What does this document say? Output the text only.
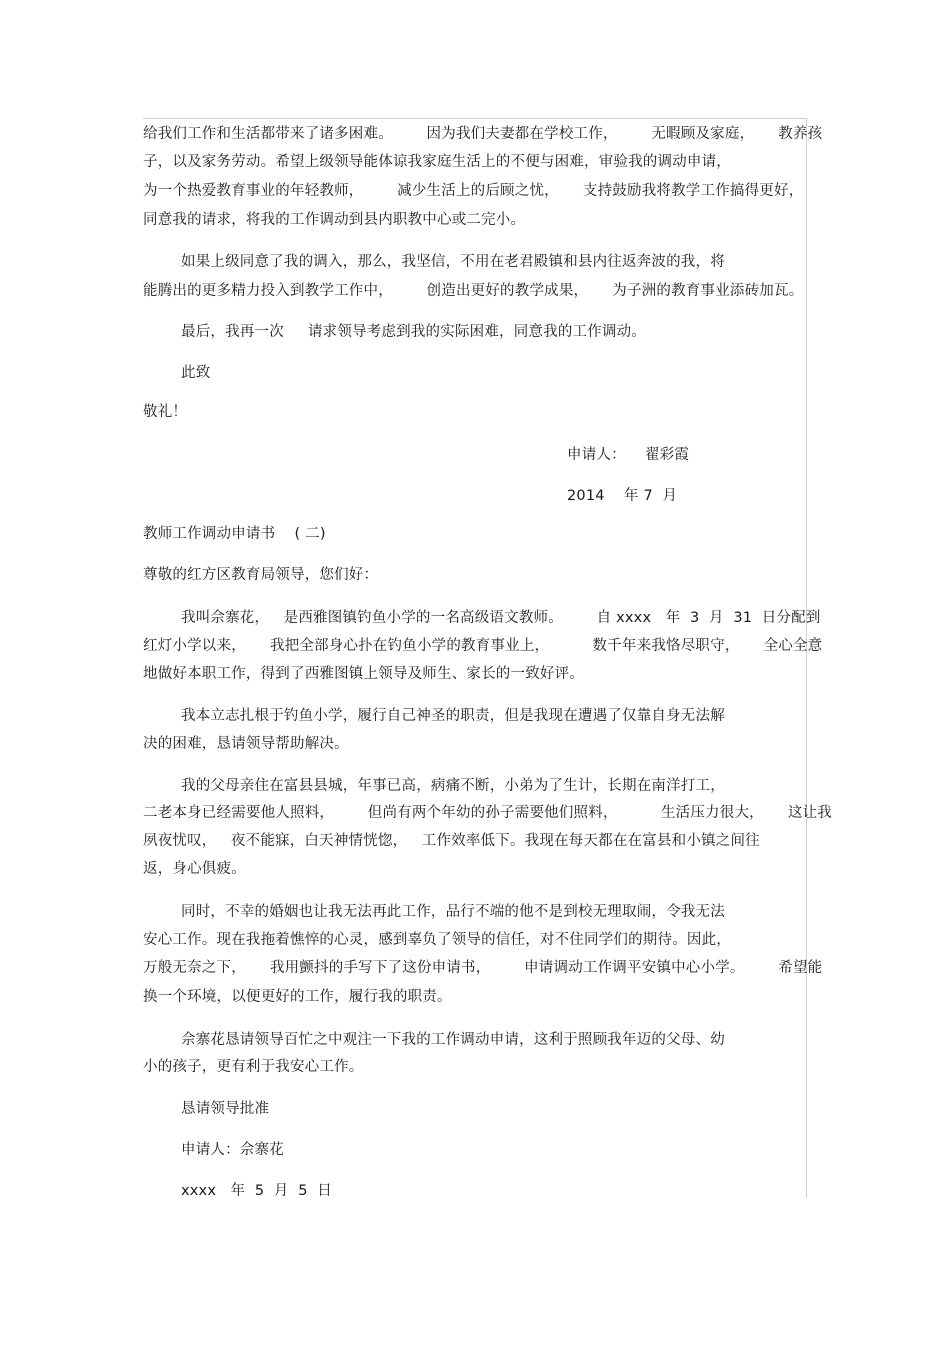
给我们工作和生活都带来了诸多困难。       因为我们夫妻都在学校工作，       无暇顾及家庭，     教养孩
子，以及家务劳动。希望上级领导能体谅我家庭生活上的不便与困难，审验我的调动申请，
为一个热爱教育事业的年轻教师，       减少生活上的后顾之忧，     支持鼓励我将教学工作搞得更好，
同意我的请求，将我的工作调动到县内职教中心或二完小。
如果上级同意了我的调入，那么，我坚信，不用在老君殿镇和县内往返奔波的我，将
能腾出的更多精力投入到教学工作中，       创造出更好的教学成果，     为子洲的教育事业添砖加瓦。
最后，我再一次     请求领导考虑到我的实际困难，同意我的工作调动。
此致
敬礼！
申请人：    翟彩霞
2014    年 7  月
教师工作调动申请书    ( 二)
尊敬的红方区教育局领导，您们好：
我叫佘寨花，   是西雅图镇钓鱼小学的一名高级语文教师。       自 xxxx   年  3  月  31  日分配到
红灯小学以来，     我把全部身心扑在钓鱼小学的教育事业上，         数千年来我恪尽职守，     全心全意
地做好本职工作，得到了西雅图镇上领导及师生、家长的一致好评。
我本立志扎根于钓鱼小学，履行自己神圣的职责，但是我现在遭遇了仅靠自身无法解
决的困难，恳请领导帮助解决。
我的父母亲住在富县县城，年事已高，病痛不断，小弟为了生计，长期在南洋打工，
二老本身已经需要他人照料，       但尚有两个年幼的孙子需要他们照料，         生活压力很大，     这让我
夙夜忧叹，   夜不能寐，白天神情恍惚，   工作效率低下。我现在每天都在在富县和小镇之间往
返，身心俱疲。
同时，不幸的婚姻也让我无法再此工作，品行不端的他不是到校无理取闹，令我无法
安心工作。现在我拖着憔悴的心灵，感到辜负了领导的信任，对不住同学们的期待。因此，
万般无奈之下，     我用颤抖的手写下了这份申请书，       申请调动工作调平安镇中心小学。       希望能
换一个环境，以便更好的工作，履行我的职责。
佘寨花恳请领导百忙之中观注一下我的工作调动申请，这利于照顾我年迈的父母、幼
小的孩子，更有利于我安心工作。
恳请领导批准
申请人：佘寨花
xxxx   年  5  月  5  日
